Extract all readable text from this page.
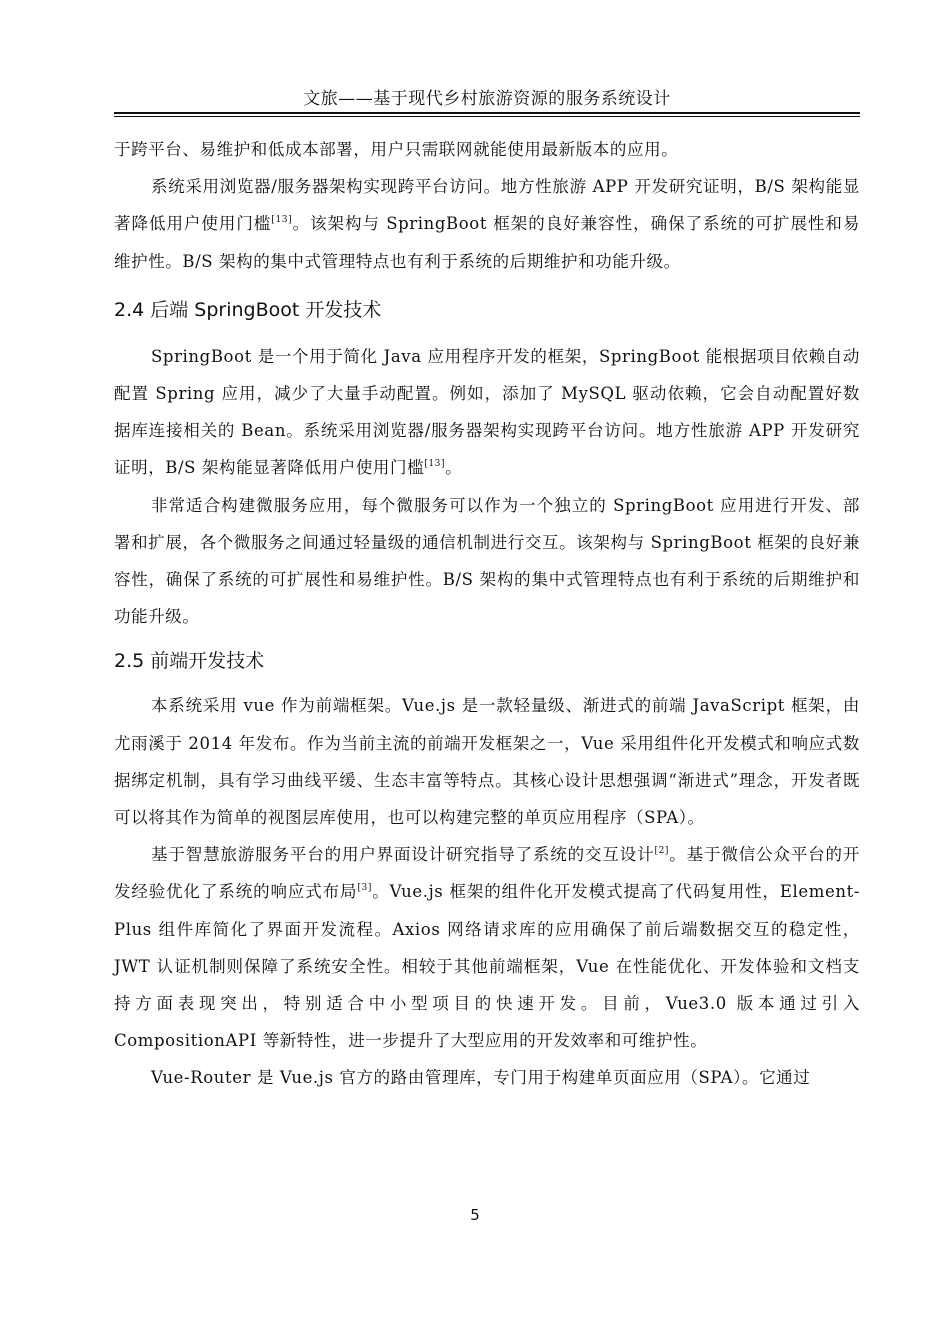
文旅——基于现代乡村旅游资源的服务系统设计

于跨平台、易维护和低成本部署，用户只需联网就能使用最新版本的应用。

系统采用浏览器/服务器架构实现跨平台访问。地方性旅游 APP 开发研究证明，B/S 架构能显著降低用户使用门槛[13]。该架构与 SpringBoot 框架的良好兼容性，确保了系统的可扩展性和易维护性。B/S 架构的集中式管理特点也有利于系统的后期维护和功能升级。

2.4 后端 SpringBoot 开发技术

SpringBoot 是一个用于简化 Java 应用程序开发的框架，SpringBoot 能根据项目依赖自动配置 Spring 应用，减少了大量手动配置。例如，添加了 MySQL 驱动依赖，它会自动配置好数据库连接相关的 Bean。系统采用浏览器/服务器架构实现跨平台访问。地方性旅游 APP 开发研究证明，B/S 架构能显著降低用户使用门槛[13]。

非常适合构建微服务应用，每个微服务可以作为一个独立的 SpringBoot 应用进行开发、部署和扩展，各个微服务之间通过轻量级的通信机制进行交互。该架构与 SpringBoot 框架的良好兼容性，确保了系统的可扩展性和易维护性。B/S 架构的集中式管理特点也有利于系统的后期维护和功能升级。

2.5 前端开发技术

本系统采用 vue 作为前端框架。Vue.js 是一款轻量级、渐进式的前端 JavaScript 框架，由尤雨溪于 2014 年发布。作为当前主流的前端开发框架之一，Vue 采用组件化开发模式和响应式数据绑定机制，具有学习曲线平缓、生态丰富等特点。其核心设计思想强调“渐进式”理念，开发者既可以将其作为简单的视图层库使用，也可以构建完整的单页应用程序（SPA）。

基于智慧旅游服务平台的用户界面设计研究指导了系统的交互设计[2]。基于微信公众平台的开发经验优化了系统的响应式布局[3]。Vue.js 框架的组件化开发模式提高了代码复用性，Element-Plus 组件库简化了界面开发流程。Axios 网络请求库的应用确保了前后端数据交互的稳定性，JWT 认证机制则保障了系统安全性。相较于其他前端框架，Vue 在性能优化、开发体验和文档支持方面表现突出，特别适合中小型项目的快速开发。目前，Vue3.0 版本通过引入 CompositionAPI 等新特性，进一步提升了大型应用的开发效率和可维护性。

Vue-Router 是 Vue.js 官方的路由管理库，专门用于构建单页面应用（SPA）。它通过

5
